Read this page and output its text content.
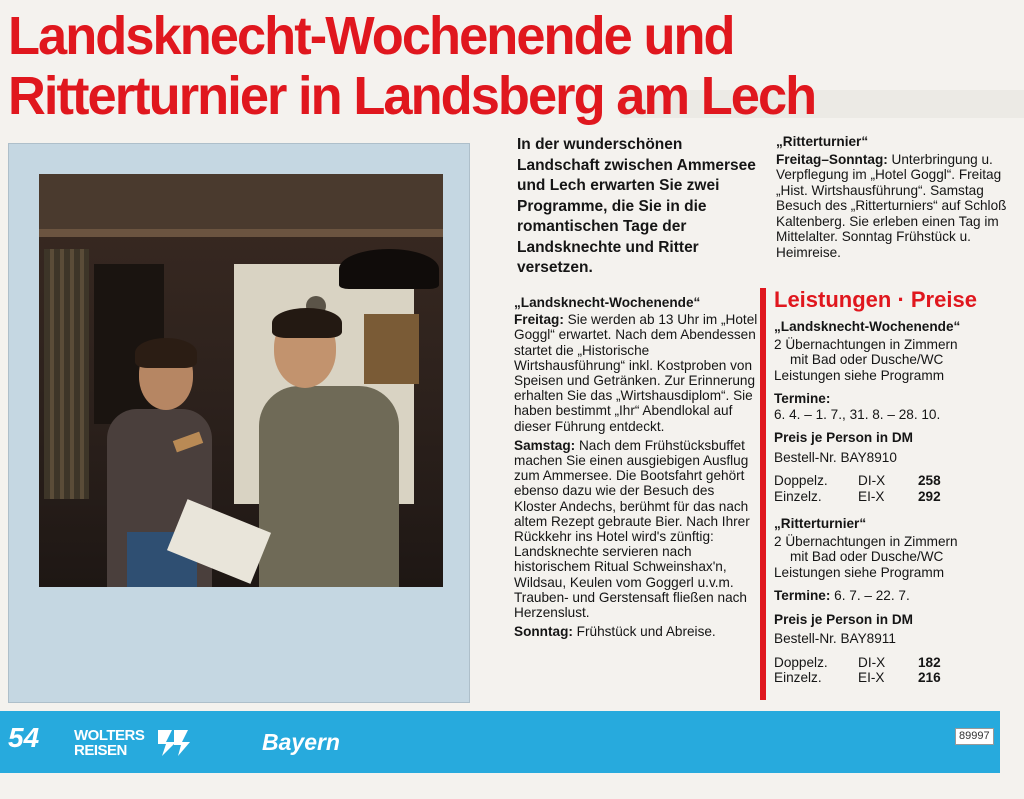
Landsknecht-Wochenende und
Ritterturnier in Landsberg am Lech
In der wunderschönen Landschaft zwischen Ammersee und Lech erwarten Sie zwei Programme, die Sie in die romantischen Tage der Landsknechte und Ritter versetzen.

„Landsknecht-Wochenende“

Freitag: Sie werden ab 13 Uhr im „Hotel Goggl“ erwartet. Nach dem Abendessen startet die „Historische Wirtshausführung“ inkl. Kostproben von Speisen und Getränken. Zur Erinnerung erhalten Sie das „Wirtshausdiplom“. Sie haben bestimmt „Ihr“ Abendlokal auf dieser Führung entdeckt.

Samstag: Nach dem Frühstücksbuffet machen Sie einen ausgiebigen Ausflug zum Ammersee. Die Bootsfahrt gehört ebenso dazu wie der Besuch des Kloster Andechs, berühmt für das nach altem Rezept gebraute Bier. Nach Ihrer Rückkehr ins Hotel wird's zünftig: Landsknechte servieren nach historischem Ritual Schweinshax'n, Wildsau, Keulen vom Goggerl u.v.m. Trauben- und Gerstensaft fließen nach Herzenslust.

Sonntag: Frühstück und Abreise.

„Ritterturnier“

Freitag–Sonntag: Unterbringung u. Verpflegung im „Hotel Goggl“. Freitag „Hist. Wirtshausführung“. Samstag Besuch des „Ritterturniers“ auf Schloß Kaltenberg. Sie erleben einen Tag im Mittelalter. Sonntag Frühstück u. Heimreise.

Leistungen · Preise

„Landsknecht-Wochenende“

2 Übernachtungen in Zimmern

mit Bad oder Dusche/WC

Leistungen siehe Programm

Termine:

6. 4. – 1. 7., 31. 8. – 28. 10.

Preis je Person in DM

Bestell-Nr. BAY8910

Doppelz.	DI-X	258
Einzelz.	EI-X	292

„Ritterturnier“

2 Übernachtungen in Zimmern

mit Bad oder Dusche/WC

Leistungen siehe Programm

Termine: 6. 7. – 22. 7.

Preis je Person in DM

Bestell-Nr. BAY8911

Doppelz.	DI-X	182
Einzelz.	EI-X	216
54 WOLTERS
REISEN	Bayern	89997
